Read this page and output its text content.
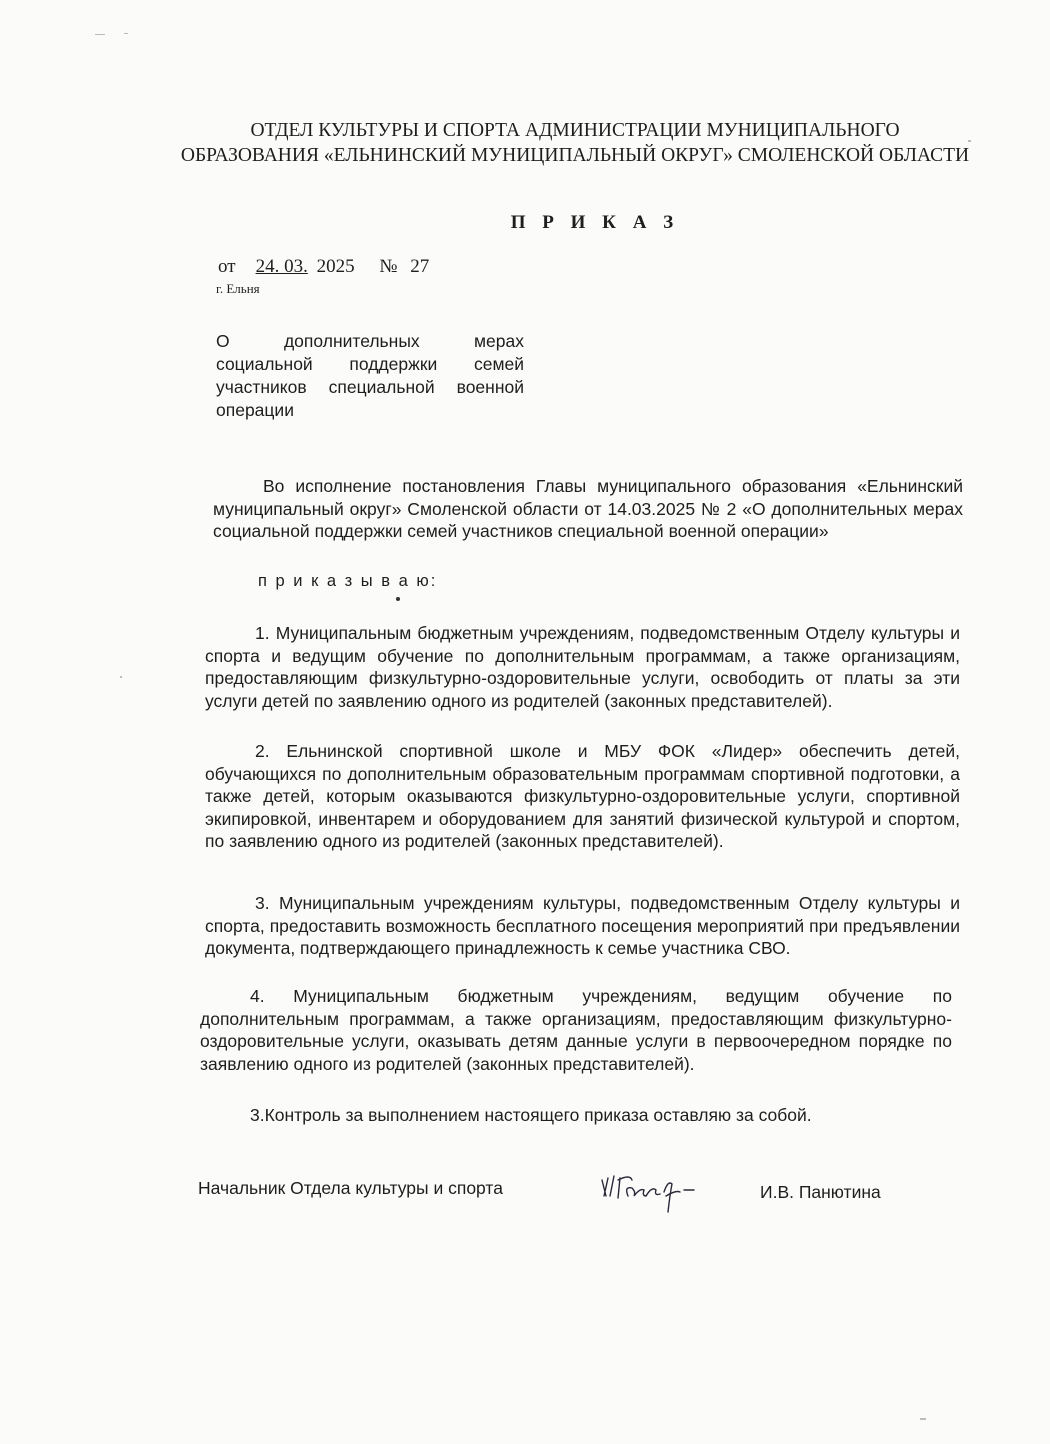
ОТДЕЛ КУЛЬТУРЫ И СПОРТА АДМИНИСТРАЦИИ МУНИЦИПАЛЬНОГО ОБРАЗОВАНИЯ «ЕЛЬНИНСКИЙ МУНИЦИПАЛЬНЫЙ ОКРУГ» СМОЛЕНСКОЙ ОБЛАСТИ
П Р И К А З
от 24. 03. 2025 № 27
г. Ельня
О дополнительных мерах социальной поддержки семей участников специальной военной операции
Во исполнение постановления Главы муниципального образования «Ельнинский муниципальный округ» Смоленской области от 14.03.2025 № 2 «О дополнительных мерах социальной поддержки семей участников специальной военной операции»
п р и к а з ы в а ю:
1. Муниципальным бюджетным учреждениям, подведомственным Отделу культуры и спорта и ведущим обучение по дополнительным программам, а также организациям, предоставляющим физкультурно-оздоровительные услуги, освободить от платы за эти услуги детей по заявлению одного из родителей (законных представителей).
2. Ельнинской спортивной школе и МБУ ФОК «Лидер» обеспечить детей, обучающихся по дополнительным образовательным программам спортивной подготовки, а также детей, которым оказываются физкультурно-оздоровительные услуги, спортивной экипировкой, инвентарем и оборудованием для занятий физической культурой и спортом, по заявлению одного из родителей (законных представителей).
3. Муниципальным учреждениям культуры, подведомственным Отделу культуры и спорта, предоставить возможность бесплатного посещения мероприятий при предъявлении документа, подтверждающего принадлежность к семье участника СВО.
4. Муниципальным бюджетным учреждениям, ведущим обучение по дополнительным программам, а также организациям, предоставляющим физкультурно-оздоровительные услуги, оказывать детям данные услуги в первоочередном порядке по заявлению одного из родителей (законных представителей).
3.Контроль за выполнением настоящего приказа оставляю за собой.
Начальник Отдела культуры и спорта	И.В. Панютина
